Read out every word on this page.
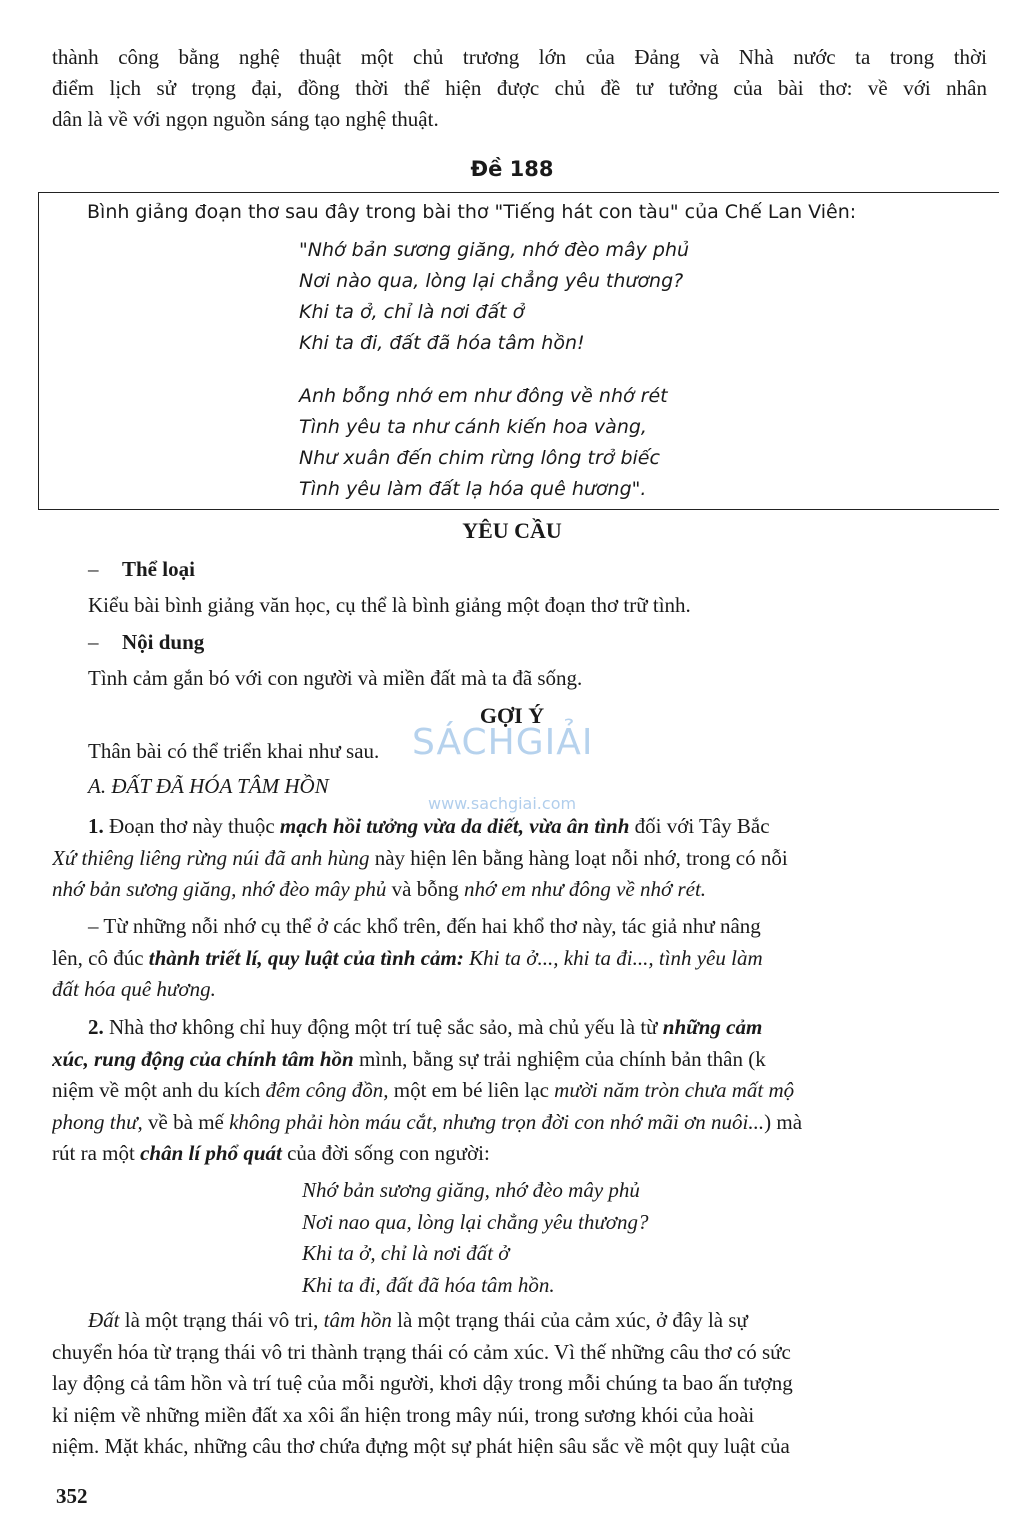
thành công bằng nghệ thuật một chủ trương lớn của Đảng và Nhà nước ta trong thời
điểm lịch sử trọng đại, đồng thời thể hiện được chủ đề tư tưởng của bài thơ: về với nhân
dân là về với ngọn nguồn sáng tạo nghệ thuật.
Đề 188
Bình giảng đoạn thơ sau đây trong bài thơ "Tiếng hát con tàu" của Chế Lan Viên:
"Nhớ bản sương giăng, nhớ đèo mây phủ
Nơi nào qua, lòng lại chẳng yêu thương?
Khi ta ở, chỉ là nơi đất ở
Khi ta đi, đất đã hóa tâm hồn!
Anh bỗng nhớ em như đông về nhớ rét
Tình yêu ta như cánh kiến hoa vàng,
Như xuân đến chim rừng lông trở biếc
Tình yêu làm đất lạ hóa quê hương".
YÊU CẦU
– Thể loại
Kiểu bài bình giảng văn học, cụ thể là bình giảng một đoạn thơ trữ tình.
– Nội dung
Tình cảm gắn bó với con người và miền đất mà ta đã sống.
GỢI Ý
SÁCHGIẢI
www.sachgiai.com
Thân bài có thể triển khai như sau.
A. ĐẤT ĐÃ HÓA TÂM HỒN
1. Đoạn thơ này thuộc mạch hồi tưởng vừa da diết, vừa ân tình đối với Tây Bắc
Xứ thiêng liêng rừng núi đã anh hùng này hiện lên bằng hàng loạt nỗi nhớ, trong có nỗi
nhớ bản sương giăng, nhớ đèo mây phủ và bỗng nhớ em như đông về nhớ rét.
– Từ những nỗi nhớ cụ thể ở các khổ trên, đến hai khổ thơ này, tác giả như nâng
lên, cô đúc thành triết lí, quy luật của tình cảm: Khi ta ở..., khi ta đi..., tình yêu làm
đất hóa quê hương.
2. Nhà thơ không chỉ huy động một trí tuệ sắc sảo, mà chủ yếu là từ những cảm
xúc, rung động của chính tâm hồn mình, bằng sự trải nghiệm của chính bản thân (k
niệm về một anh du kích đêm công đồn, một em bé liên lạc mười năm tròn chưa mất mộ
phong thư, về bà mế không phải hòn máu cắt, nhưng trọn đời con nhớ mãi ơn nuôi...) mà
rút ra một chân lí phổ quát của đời sống con người:
Nhớ bản sương giăng, nhớ đèo mây phủ
Nơi nao qua, lòng lại chẳng yêu thương?
Khi ta ở, chỉ là nơi đất ở
Khi ta đi, đất đã hóa tâm hồn.
Đất là một trạng thái vô tri, tâm hồn là một trạng thái của cảm xúc, ở đây là sự
chuyển hóa từ trạng thái vô tri thành trạng thái có cảm xúc. Vì thế những câu thơ có sức
lay động cả tâm hồn và trí tuệ của mỗi người, khơi dậy trong mỗi chúng ta bao ấn tượng
kỉ niệm về những miền đất xa xôi ẩn hiện trong mây núi, trong sương khói của hoài
niệm. Mặt khác, những câu thơ chứa đựng một sự phát hiện sâu sắc về một quy luật của
352
